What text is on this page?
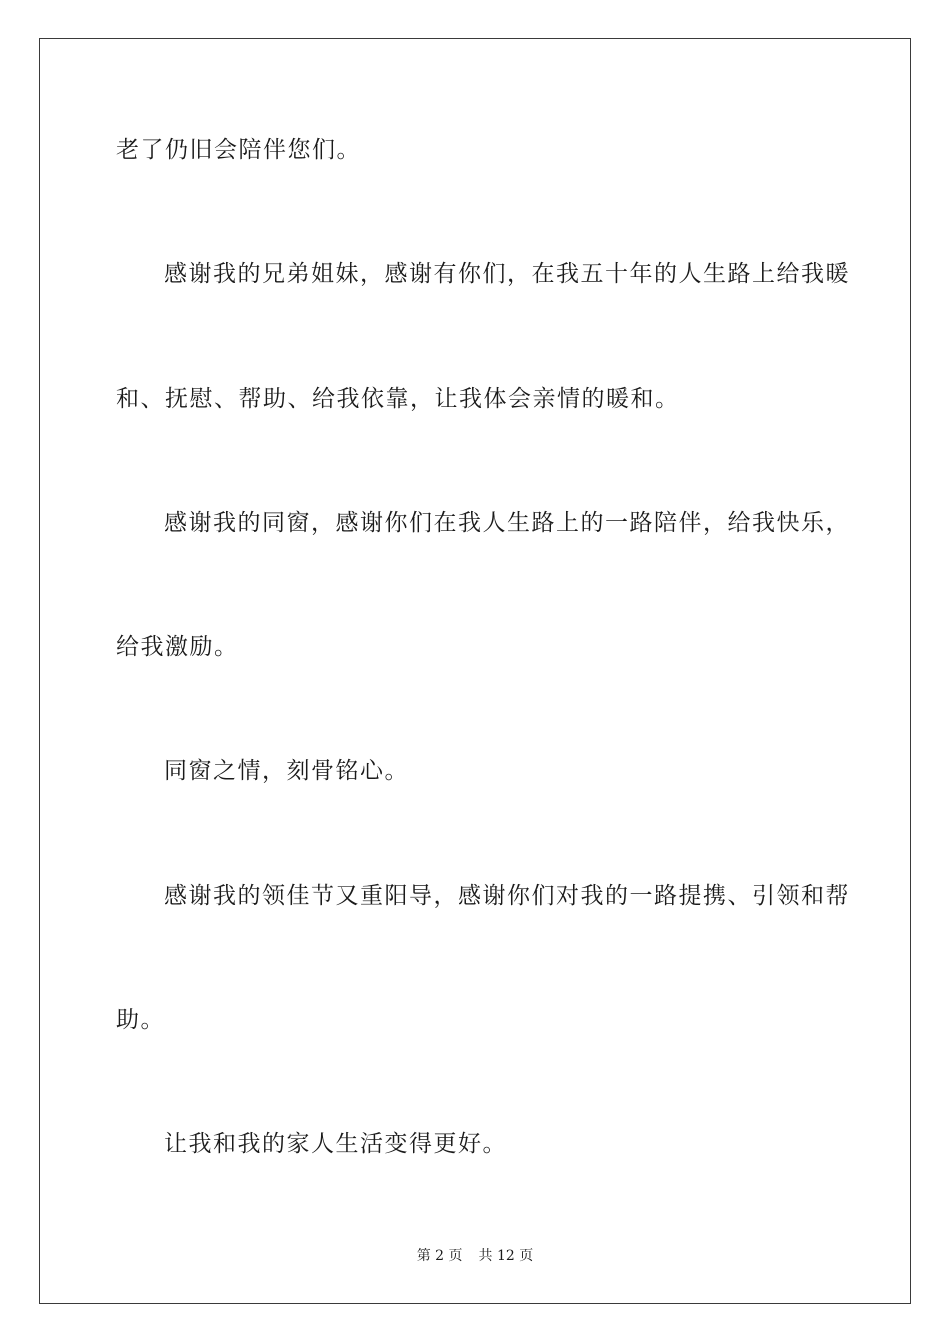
老了仍旧会陪伴您们。
感谢我的兄弟姐妹，感谢有你们，在我五十年的人生路上给我暖
和、抚慰、帮助、给我依靠，让我体会亲情的暖和。
感谢我的同窗，感谢你们在我人生路上的一路陪伴，给我快乐，
给我激励。
同窗之情，刻骨铭心。
感谢我的领佳节又重阳导，感谢你们对我的一路提携、引领和帮
助。
让我和我的家人生活变得更好。
第 2 页 共 12 页
